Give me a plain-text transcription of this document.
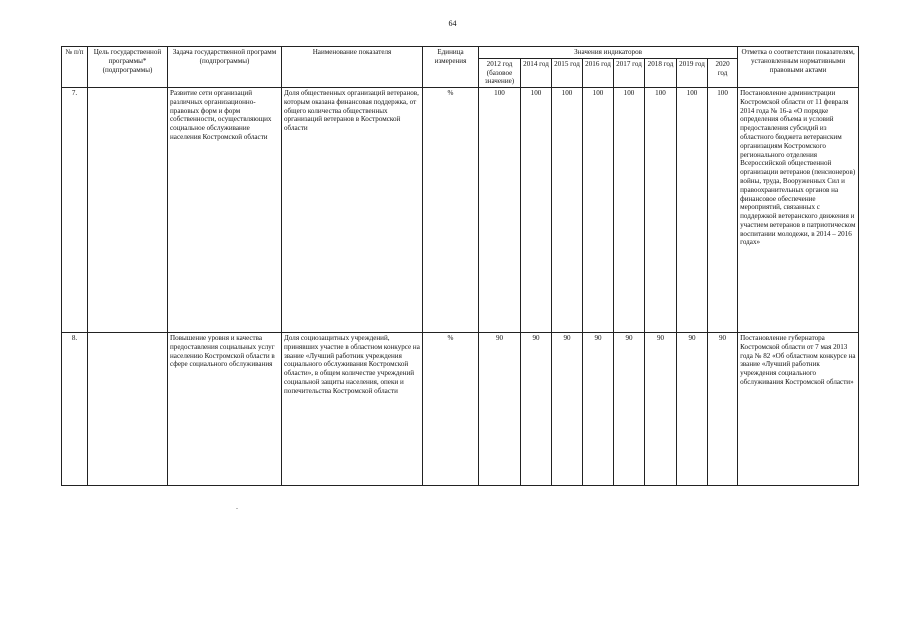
64
№ п/п	Цель государственной программы* (подпрограммы)	Задача государственной программ (подпрограммы)	Наименование показателя	Единица измерения	Значения индикаторов								Отметка о соответствии показателям, установленным нормативными правовыми актами
					2012 год (базовое значение)	2014 год	2015 год	2016 год	2017 год	2018 год	2019 год	2020 год	
7.		Развитие сети организаций различных организационно-правовых форм и форм собственности, осуществляющих социальное обслуживание населения Костромской области	Доля общественных организаций ветеранов, которым оказана финансовая поддержка, от общего количества общественных организаций ветеранов в Костромской области	%	100	100	100	100	100	100	100	100	Постановление администрации Костромской области от 11 февраля 2014 года № 16-а «О порядке определения объема и условий предоставления субсидий из областного бюджета ветеранским организациям Костромского регионального отделения Всероссийской общественной организации ветеранов (пенсионеров) войны, труда, Вооруженных Сил и правоохранительных органов на финансовое обеспечение мероприятий, связанных с поддержкой ветеранского движения и участием ветеранов в патриотическом воспитании молодежи, в 2014 – 2016 годах»
8.		Повышение уровня и качества предоставления социальных услуг населению Костромской области в сфере социального обслуживания	Доля социозащитных учреждений, принявших участие в областном конкурсе на звание «Лучший работник учреждения социального обслуживания Костромской области», в общем количестве учреждений социальной защиты населения, опеки и попечительства Костромской области	%	90	90	90	90	90	90	90	90	Постановление губернатора Костромской области от 7 мая 2013 года № 82 «Об областном конкурсе на звание «Лучший работник учреждения социального обслуживания Костромской области»
